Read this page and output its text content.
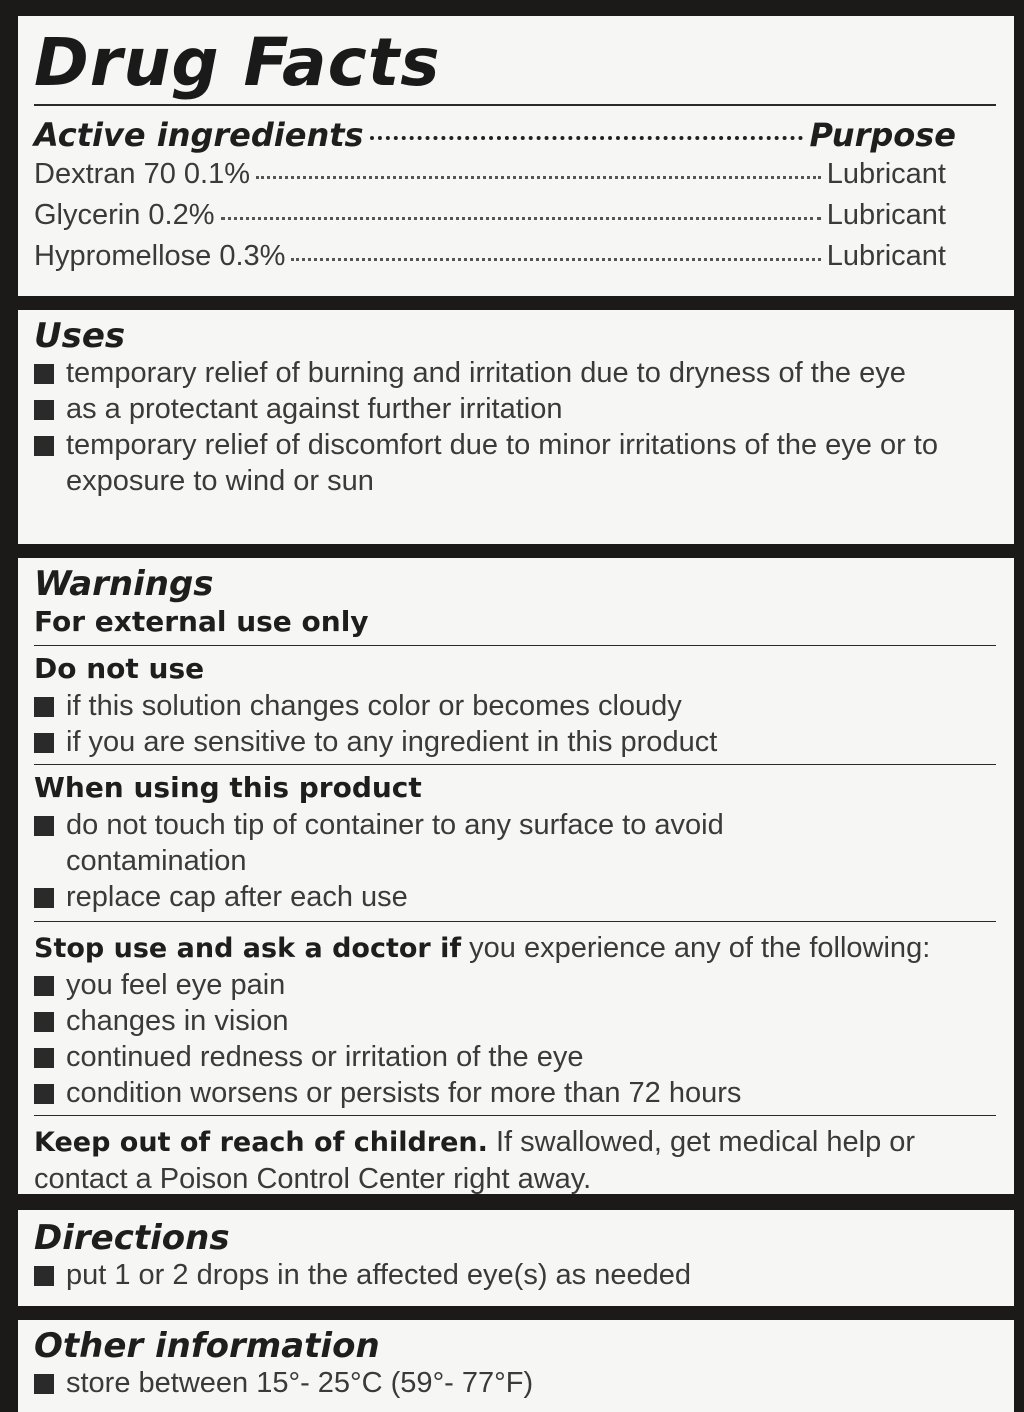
Drug Facts
Active ingredients	Purpose
Dextran 70 0.1%	Lubricant
Glycerin 0.2%	Lubricant
Hypromellose 0.3%	Lubricant
Uses
temporary relief of burning and irritation due to dryness of the eye
as a protectant against further irritation
temporary relief of discomfort due to minor irritations of the eye or to exposure to wind or sun
Warnings
For external use only
Do not use
if this solution changes color or becomes cloudy
if you are sensitive to any ingredient in this product
When using this product
do not touch tip of container to any surface to avoid contamination
replace cap after each use
Stop use and ask a doctor if you experience any of the following:
you feel eye pain
changes in vision
continued redness or irritation of the eye
condition worsens or persists for more than 72 hours
Keep out of reach of children. If swallowed, get medical help or contact a Poison Control Center right away.
Directions
put 1 or 2 drops in the affected eye(s) as needed
Other information
store between 15°- 25°C (59°- 77°F)
